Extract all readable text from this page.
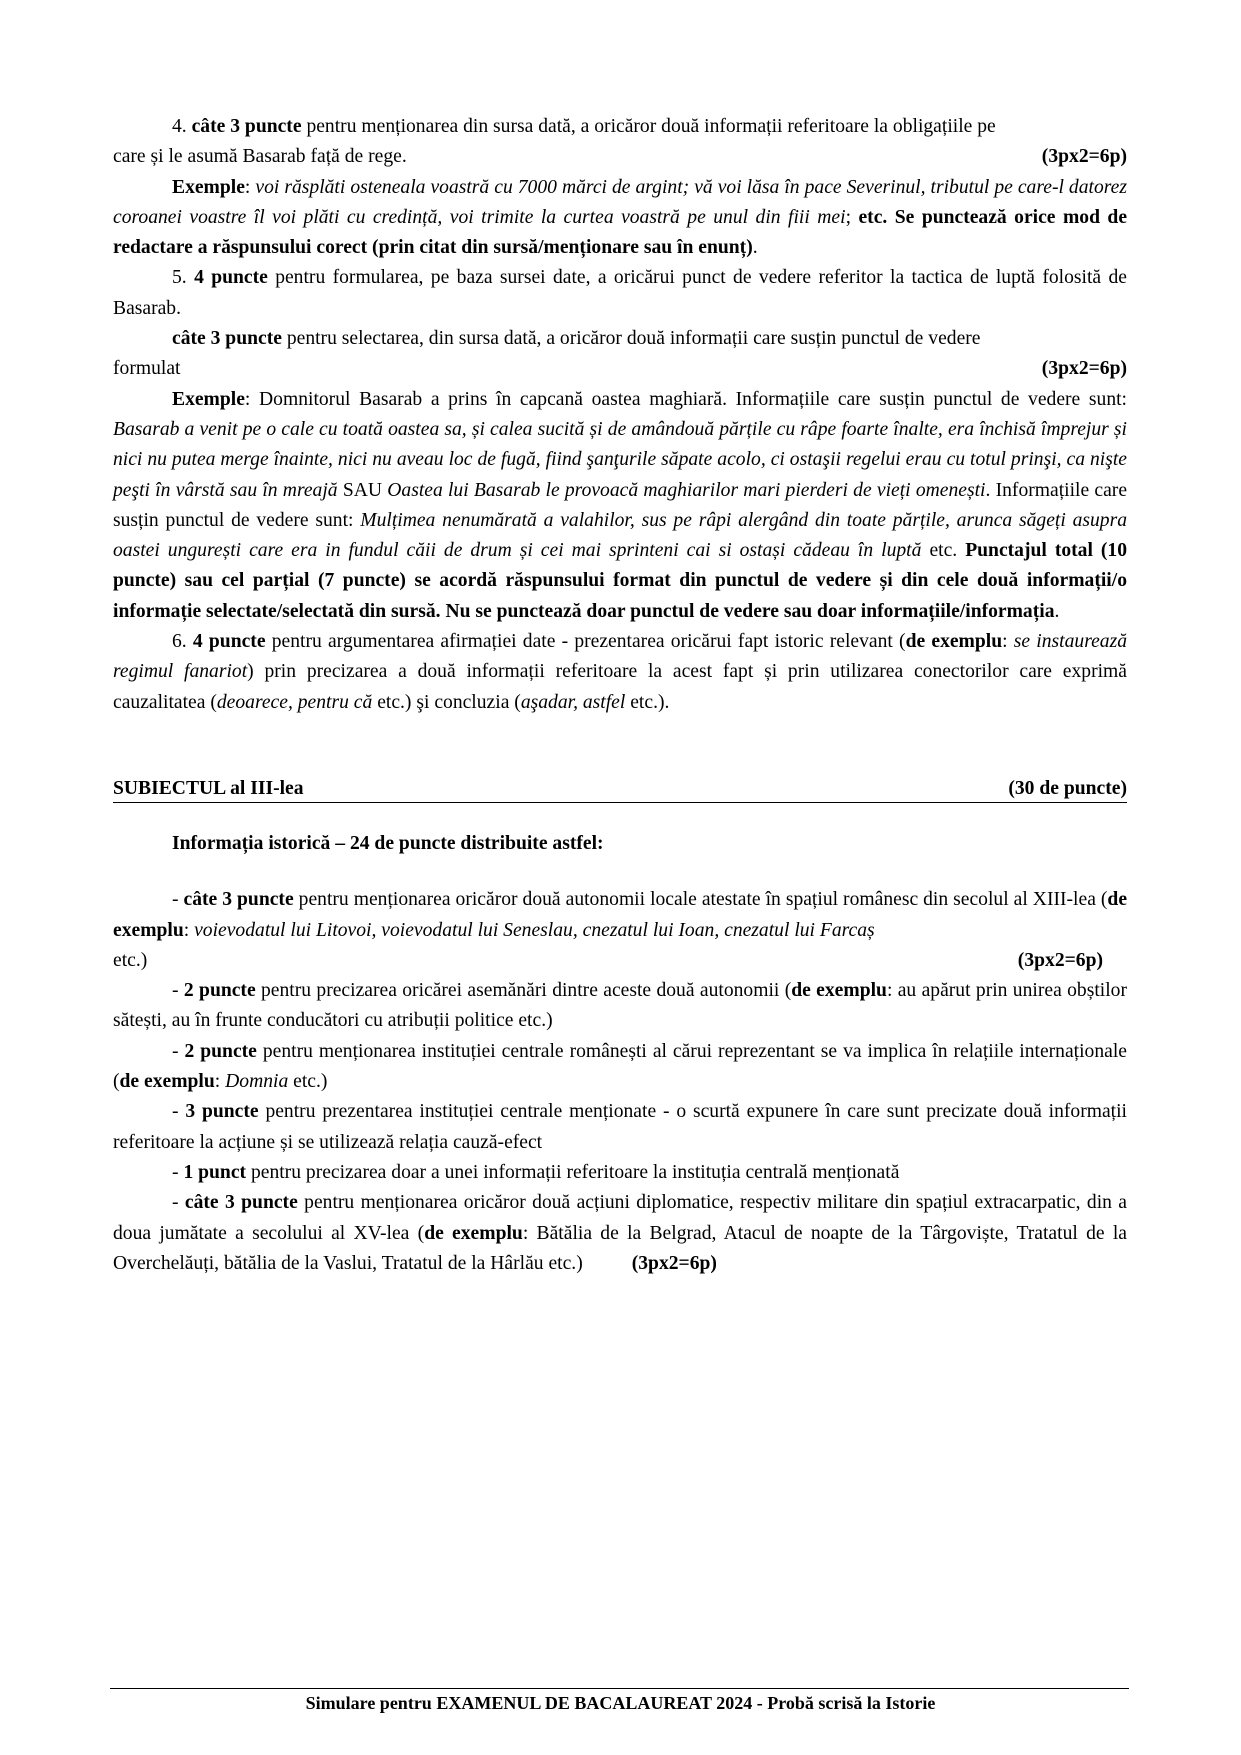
4. câte 3 puncte pentru menționarea din sursa dată, a oricăror două informații referitoare la obligațiile pe

care și le asumă Basarab față de rege.	(3px2=6p)

Exemple: voi răsplăti osteneala voastră cu 7000 mărci de argint; vă voi lăsa în pace Severinul, tributul pe care-l datorez coroanei voastre îl voi plăti cu credință, voi trimite la curtea voastră pe unul din fiii mei; etc. Se punctează orice mod de redactare a răspunsului corect (prin citat din sursă/menționare sau în enunț).

5. 4 puncte pentru formularea, pe baza sursei date, a oricărui punct de vedere referitor la tactica de luptă folosită de Basarab.

câte 3 puncte pentru selectarea, din sursa dată, a oricăror două informații care susțin punctul de vedere

formulat	(3px2=6p)

Exemple: Domnitorul Basarab a prins în capcană oastea maghiară. Informațiile care susțin punctul de vedere sunt: Basarab a venit pe o cale cu toată oastea sa, și calea sucită și de amândouă părțile cu râpe foarte înalte, era închisă împrejur și nici nu putea merge înainte, nici nu aveau loc de fugă, fiind şanţurile săpate acolo, ci ostaşii regelui erau cu totul prinşi, ca nişte peşti în vârstă sau în mreajă SAU Oastea lui Basarab le provoacă maghiarilor mari pierderi de vieți omenești. Informațiile care susțin punctul de vedere sunt: Mulțimea nenumărată a valahilor, sus pe râpi alergând din toate părțile, arunca săgeți asupra oastei ungurești care era in fundul căii de drum și cei mai sprinteni cai si ostași cădeau în luptă etc. Punctajul total (10 puncte) sau cel parțial (7 puncte) se acordă răspunsului format din punctul de vedere și din cele două informații/o informație selectate/selectată din sursă. Nu se punctează doar punctul de vedere sau doar informațiile/informația.

6. 4 puncte pentru argumentarea afirmației date - prezentarea oricărui fapt istoric relevant (de exemplu: se instaurează regimul fanariot) prin precizarea a două informații referitoare la acest fapt și prin utilizarea conectorilor care exprimă cauzalitatea (deoarece, pentru că etc.) şi concluzia (aşadar, astfel etc.).

SUBIECTUL al III-lea	(30 de puncte)

Informația istorică – 24 de puncte distribuite astfel:

- câte 3 puncte pentru menționarea oricăror două autonomii locale atestate în spațiul românesc din secolul al XIII-lea (de exemplu: voievodatul lui Litovoi, voievodatul lui Seneslau, cnezatul lui Ioan, cnezatul lui Farcaș

etc.)	(3px2=6p)

- 2 puncte pentru precizarea oricărei asemănări dintre aceste două autonomii (de exemplu: au apărut prin unirea obștilor sătești, au în frunte conducători cu atribuții politice etc.)

- 2 puncte pentru menționarea instituției centrale românești al cărui reprezentant se va implica în relațiile internaționale (de exemplu: Domnia etc.)

- 3 puncte pentru prezentarea instituției centrale menționate - o scurtă expunere în care sunt precizate două informații referitoare la acțiune și se utilizează relația cauză-efect

- 1 punct pentru precizarea doar a unei informații referitoare la instituția centrală menționată

- câte 3 puncte pentru menționarea oricăror două acțiuni diplomatice, respectiv militare din spațiul extracarpatic, din a doua jumătate a secolului al XV-lea (de exemplu: Bătălia de la Belgrad, Atacul de noapte de la Târgoviște, Tratatul de la Overchelăuți, bătălia de la Vaslui, Tratatul de la Hârlău etc.) (3px2=6p)

Simulare pentru EXAMENUL DE BACALAUREAT 2024 - Probă scrisă la Istorie
